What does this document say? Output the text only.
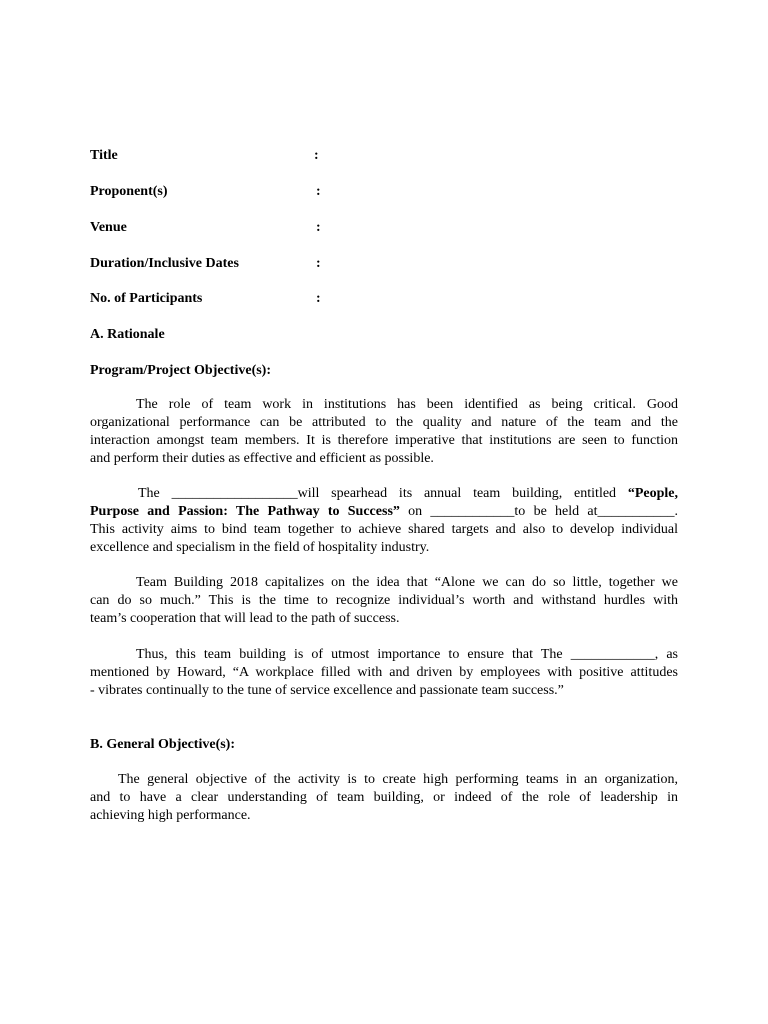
Title	:
Proponent(s)	:
Venue	:
Duration/Inclusive Dates	:
No. of Participants	:
A. Rationale
Program/Project Objective(s):
The role of team work in institutions has been identified as being critical. Good
organizational performance can be attributed to the quality and nature of the team and the
interaction amongst team members. It is therefore imperative that institutions are seen to function
and perform their duties as effective and efficient as possible.
The __________________will spearhead its annual team building, entitled “People,
Purpose and Passion: The Pathway to Success” on ____________to be held at___________.
This activity aims to bind team together to achieve shared targets and also to develop individual
excellence and specialism in the field of hospitality industry.
Team Building 2018 capitalizes on the idea that “Alone we can do so little, together we
can do so much.” This is the time to recognize individual’s worth and withstand hurdles with
team’s cooperation that will lead to the path of success.
Thus, this team building is of utmost importance to ensure that The ____________, as
mentioned by Howard, “A workplace filled with and driven by employees with positive attitudes
- vibrates continually to the tune of service excellence and passionate team success.”
B. General Objective(s):
The general objective of the activity is to create high performing teams in an organization,
and to have a clear understanding of team building, or indeed of the role of leadership in
achieving high performance.
